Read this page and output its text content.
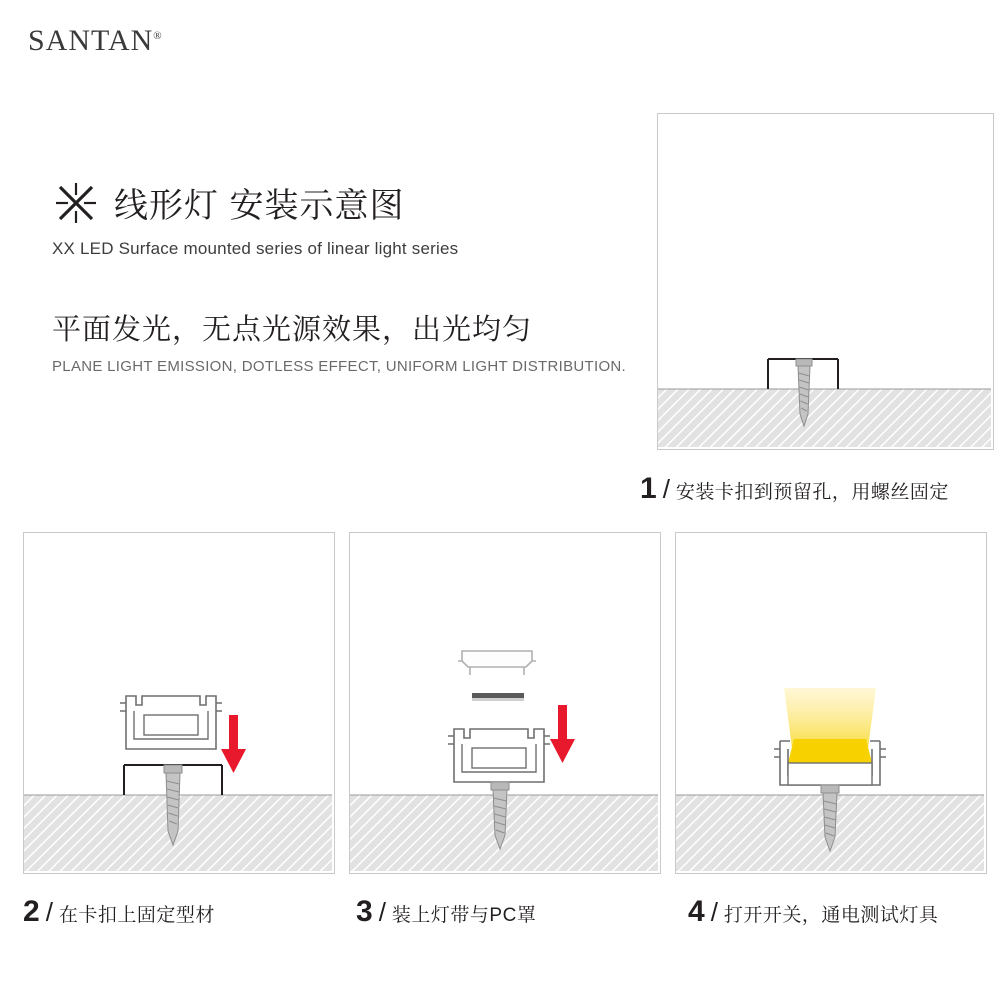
SANTAN®
线形灯 安装示意图
XX LED Surface mounted series of linear light series
平面发光，无点光源效果，出光均匀
PLANE LIGHT EMISSION, DOTLESS EFFECT, UNIFORM LIGHT DISTRIBUTION.
1 / 安装卡扣到预留孔，用螺丝固定
2 / 在卡扣上固定型材	3 / 装上灯带与PC罩	4 / 打开开关，通电测试灯具
